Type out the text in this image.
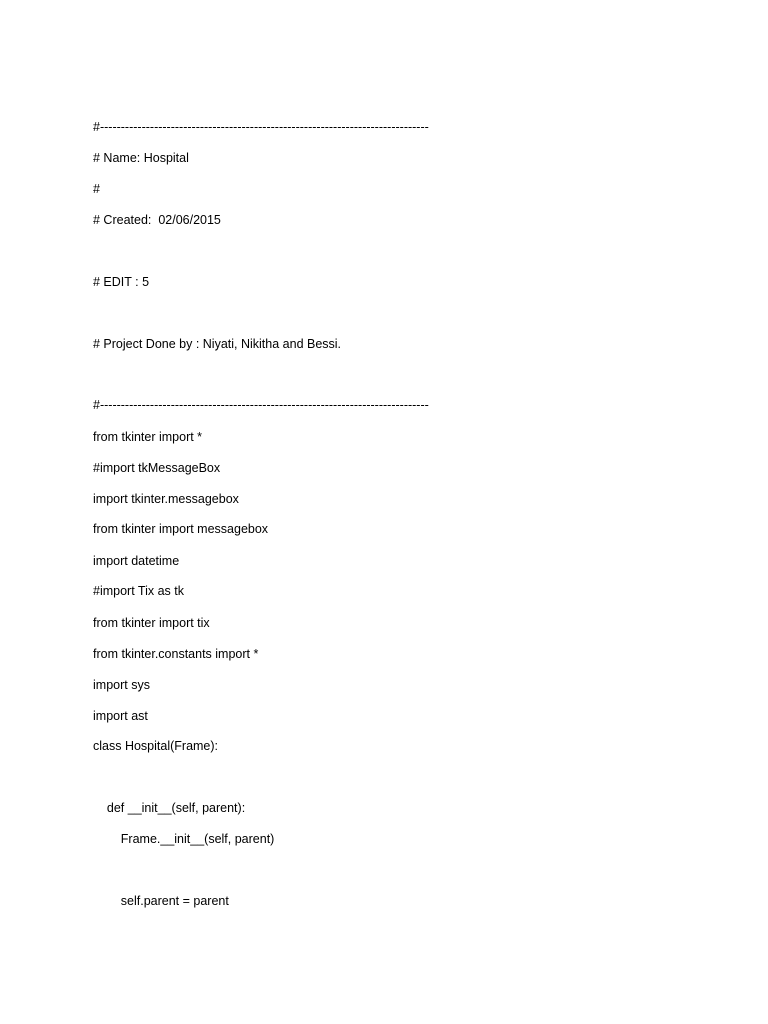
#-------------------------------------------------------------------------------
# Name: Hospital
#
# Created:  02/06/2015
# EDIT : 5
# Project Done by : Niyati, Nikitha and Bessi.
#-------------------------------------------------------------------------------
from tkinter import *
#import tkMessageBox
import tkinter.messagebox
from tkinter import messagebox
import datetime
#import Tix as tk
from tkinter import tix
from tkinter.constants import *
import sys
import ast
class Hospital(Frame):
def __init__(self, parent):
Frame.__init__(self, parent)
self.parent = parent
